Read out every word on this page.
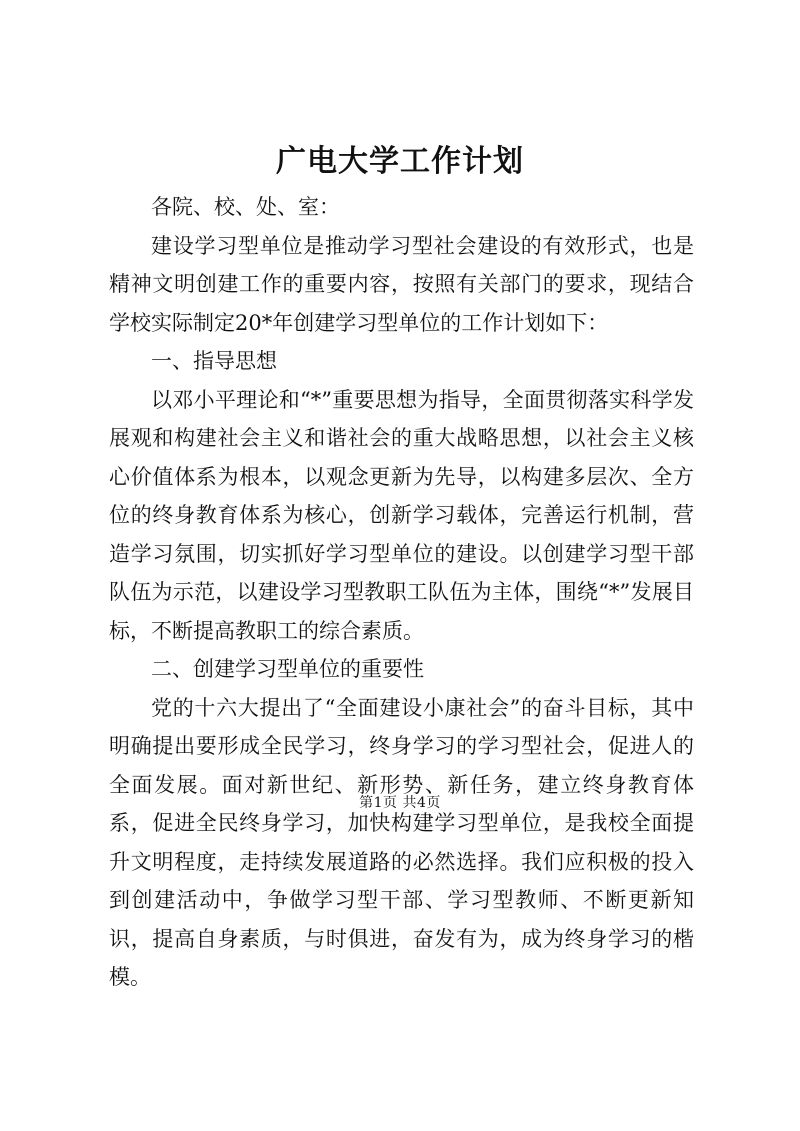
广电大学工作计划

各院、校、处、室：

建设学习型单位是推动学习型社会建设的有效形式，也是精神文明创建工作的重要内容，按照有关部门的要求，现结合学校实际制定20*年创建学习型单位的工作计划如下：

一、指导思想

以邓小平理论和“*”重要思想为指导，全面贯彻落实科学发展观和构建社会主义和谐社会的重大战略思想，以社会主义核心价值体系为根本，以观念更新为先导，以构建多层次、全方位的终身教育体系为核心，创新学习载体，完善运行机制，营造学习氛围，切实抓好学习型单位的建设。以创建学习型干部队伍为示范，以建设学习型教职工队伍为主体，围绕“*”发展目标，不断提高教职工的综合素质。

二、创建学习型单位的重要性

党的十六大提出了“全面建设小康社会”的奋斗目标，其中明确提出要形成全民学习，终身学习的学习型社会，促进人的全面发展。面对新世纪、新形势、新任务，建立终身教育体系，促进全民终身学习，加快构建学习型单位，是我校全面提升文明程度，走持续发展道路的必然选择。我们应积极的投入到创建活动中，争做学习型干部、学习型教师、不断更新知识，提高自身素质，与时俱进，奋发有为，成为终身学习的楷模。

第1页 共4页
